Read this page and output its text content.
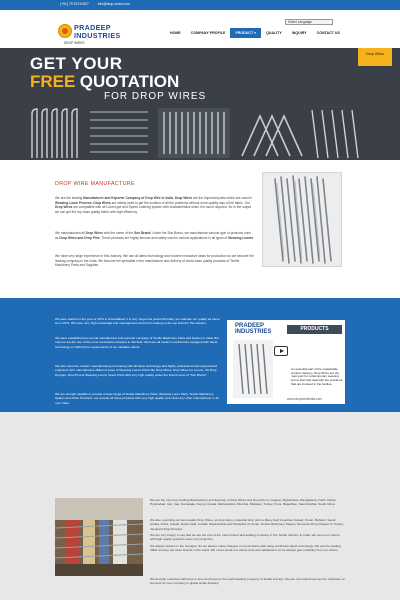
(+91) 79 22741927	info@drop-wires.com
PRADEEP
INDUSTRIES
DROP WIRES
Select Language
HOME	COMPANY PROFILE	PRODUCT ▾	QUALITY	INQUIRY	CONTACT US
GET YOUR
FREE QUOTATION
FOR DROP WIRES
Drop Wires
DROP WIRE MANUFACTURE

We are the leading Manufacturer and Exporter Company of Drop Wire in India. Drop Wires are the important parts which are used in Weaving Loom Process. Drop Wires are widely used to get the solution of all the problems without more-quality loss of the fabric. Our Drop Wires are compatible with all Loom type and Speed ordering system with characteristics when it is much required. So in the output we can get the top class quality fabric with high efficiency.

We manufactured all Drop Wires with the name of the Sun Brand. Under the Sun Brand, we manufacture various type of products such as Drop Wires and Drop Pins. These products are highly famous and widely used in various applications in all types of Weaving Looms.

We have very large experience in this industry. We use all latest technology and modern innovative ideas for production so we become the leading company in the India. We become the specialist in the manufacture and delivery of world class quality products of Textile Machinery Parts and Supplies.

We were started in the year of 1974 in Ahmedabad. It is very huge time period till today, we maintain our quality as same as in 1974. We have very high knowledge and management control for making us the top brand in the industry.

We were established as normal manufacturer and exporter company of Textile Machinery Parts and Spares in India. But now we are the one of the most successful company in this field. We have all modern machineries equipped with latest technology to fulfill all the requirements of our valuable clients.

We also have the modern manufacturing unit having with all latest technology and highly professional and experienced engineers who manufactures different types of Weaving Looms Parts like Drop Wires, Drop Wires for Looms, SS Drop Dropper, Drop Pins & Weaving Looms Spare Parts with very high quality under the brand name of "Sun Brand".

We are enough capable to provide a huge range of Textile Machinery Parts, Weaving Loom Parts, Textile Machinery Spares and Other Products. we provide all these products with very high quality more than any other manufacturer in all over India.

PRADEEP
INDUSTRIES	PRODUCTS
An essential part of the sustainable solution delivery, Drop Wires are the main part for contemporary weaving looms that help deal with the problems that are involved in the textiles.
www.dropwiresindia.com

We are the most top leading Manufacturer and Exporter of Drop Wires and Drop Pins in Gujarat, Afghanistan, Bangladesh, Delhi, Dubai, Hyderabad, Iran, Iraq, Karnataka, Kenya, Kerala, Maharashtra, Mumbai, Pakistan, Turkey, Pune, Rajasthan, Saudi Arabia, South Africa.

We also exporting our best quality Drop Wires, ss drop wires, industrial drop pins to Many Gulf Countries Kuwait, Oman, Bahrain, Saudi Arabia, Doha, Kuwait, Dubai UAE, Jeddah Saudi Arabia and Subarabs of Oman. Textile Machinery Spares, Domestic Drop Dropper in Turkey, Jacquard Drop Dropper.

We are very happy to say that we are the one of the most trusted and leading company in the Textile Industry in India. We serve our clients with high quality products since very long time.

We always believe in the changes. So we always make changes in our products with using world best latest technology. We are the leading OEM of many top class brands in the world. We never break our clients trust and satisfaction so we always gain reliability from our clients.

We develop ourselves with time to time and become the world leading company in Textile industry. We are now well known as the milestone of success for new company in global textile industry.
